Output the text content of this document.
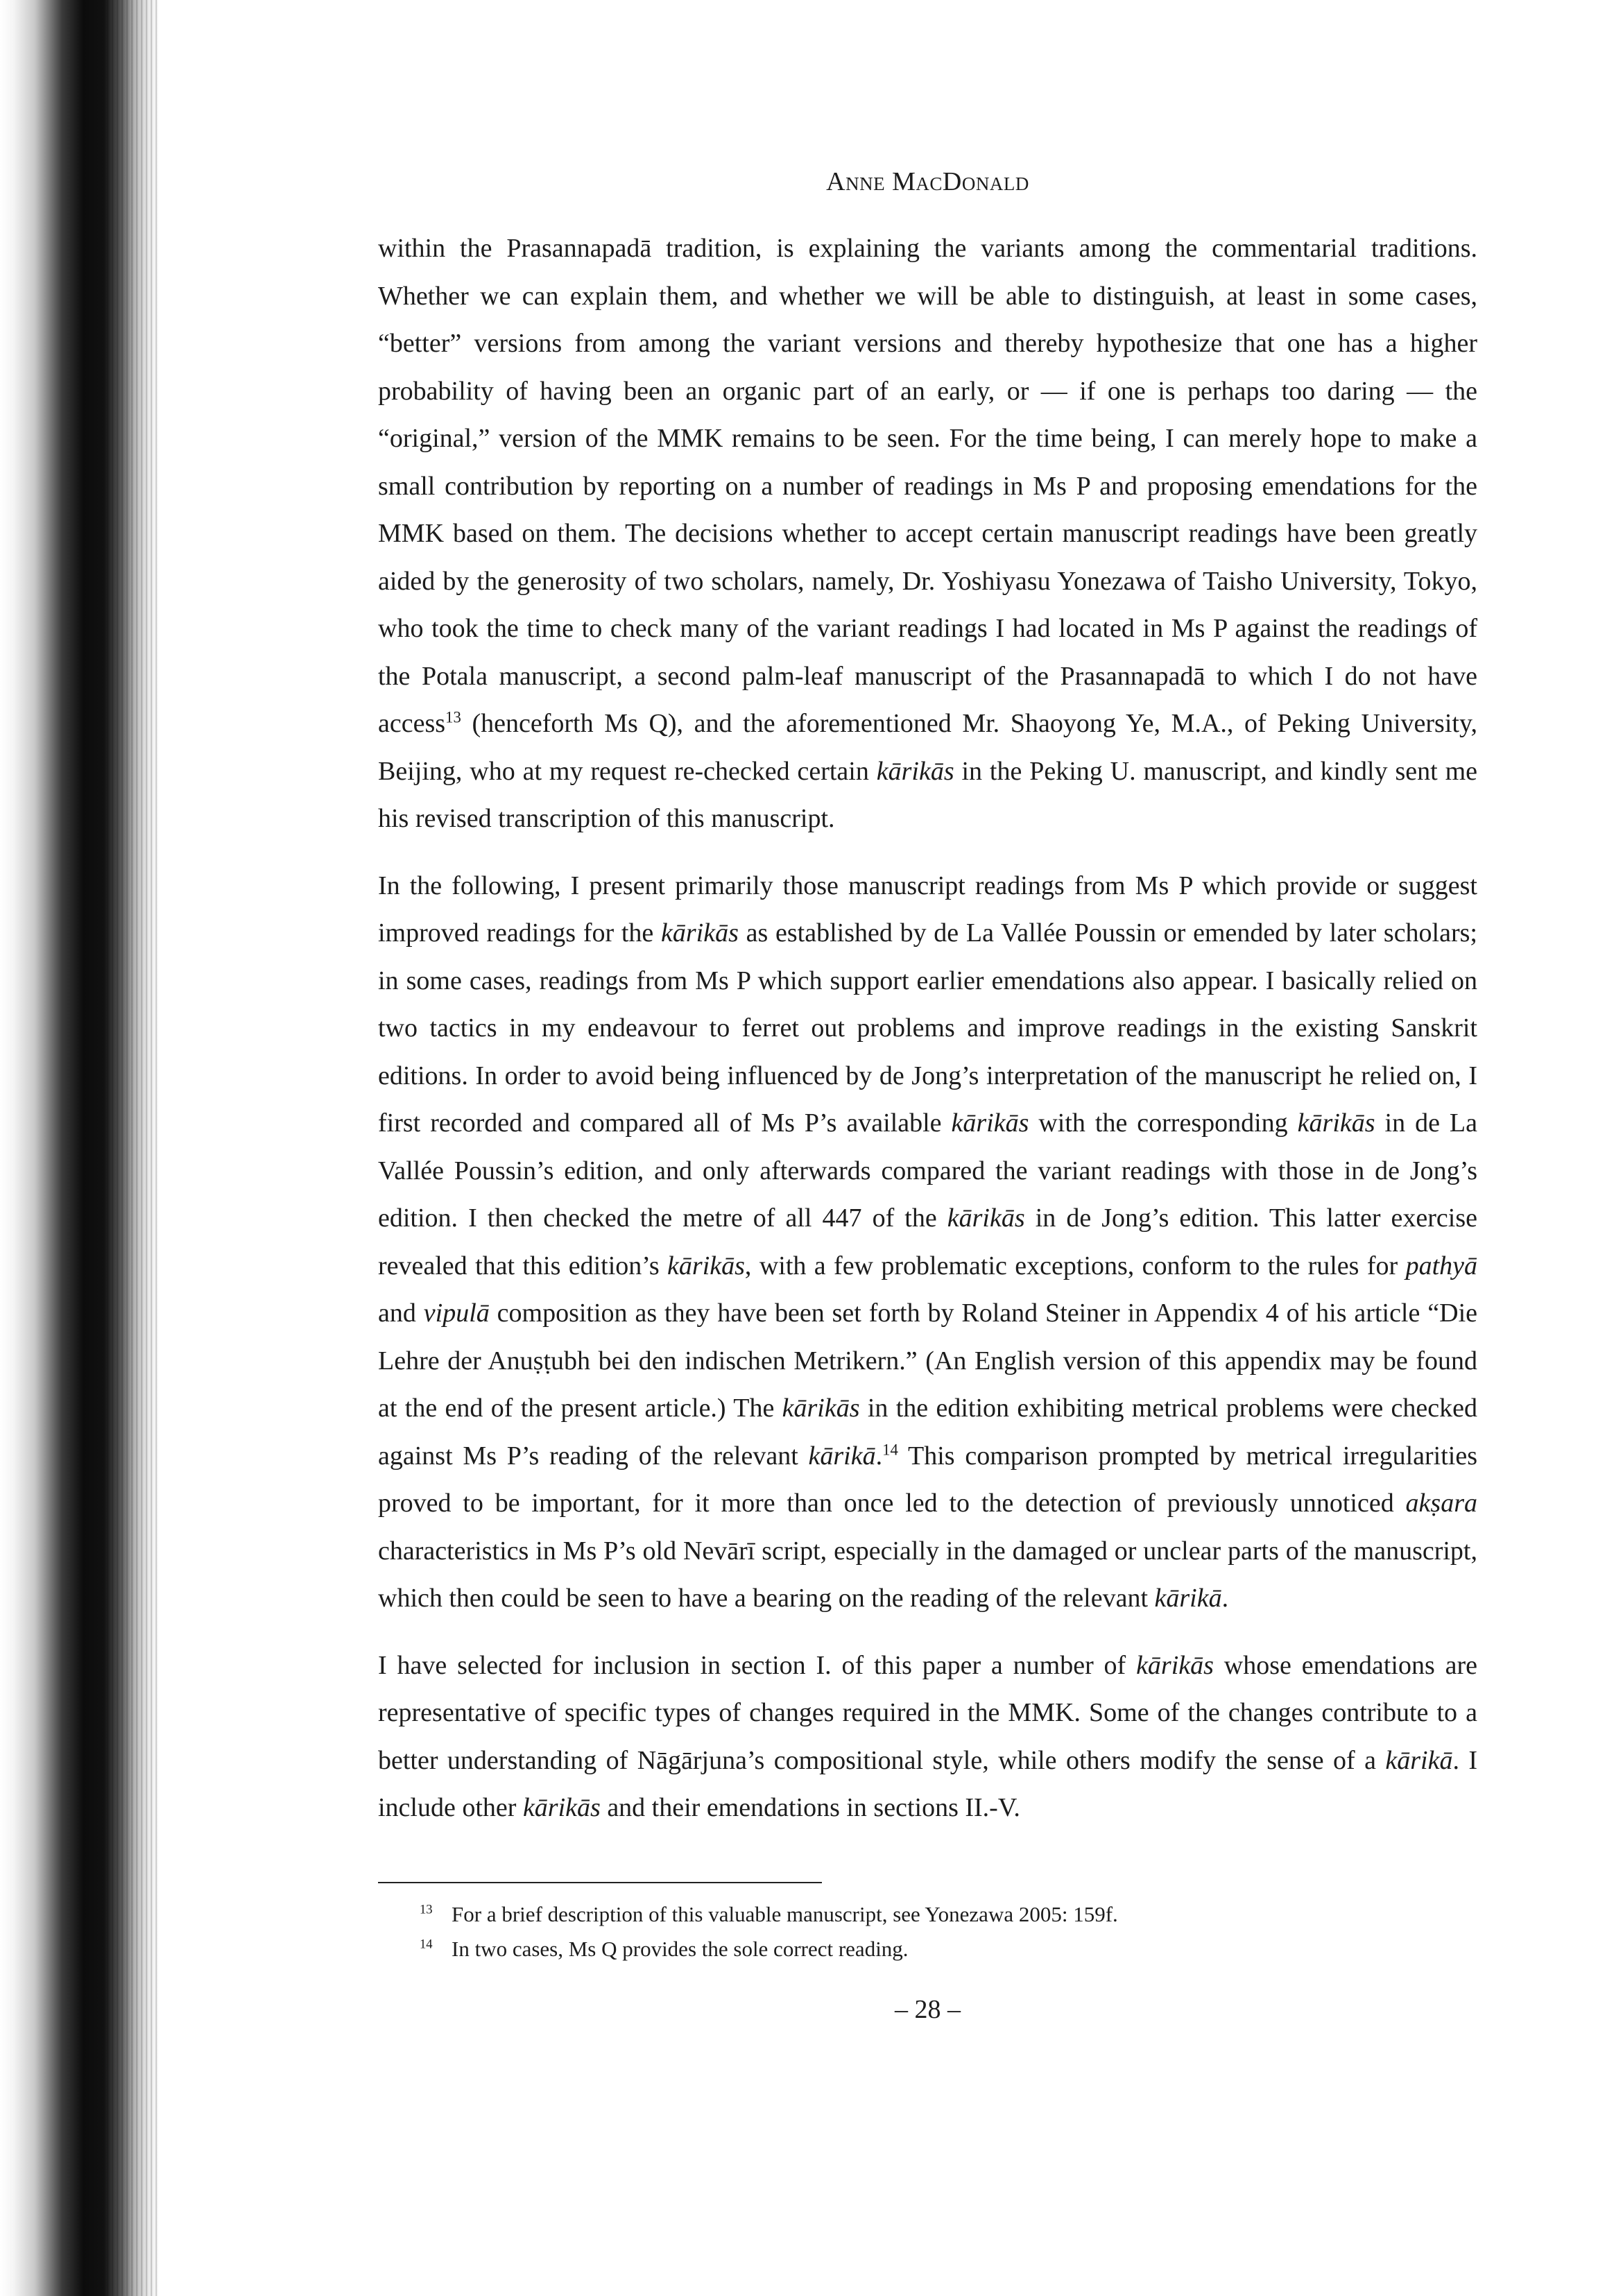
Anne MacDonald

within the Prasannapadā tradition, is explaining the variants among the commentarial traditions. Whether we can explain them, and whether we will be able to distinguish, at least in some cases, “better” versions from among the variant versions and thereby hypothesize that one has a higher probability of having been an organic part of an early, or — if one is perhaps too daring — the “original,” version of the MMK remains to be seen. For the time being, I can merely hope to make a small contribution by reporting on a number of readings in Ms P and proposing emendations for the MMK based on them. The decisions whether to accept certain manuscript readings have been greatly aided by the generosity of two scholars, namely, Dr. Yoshiyasu Yonezawa of Taisho University, Tokyo, who took the time to check many of the variant readings I had located in Ms P against the readings of the Potala manuscript, a second palm-leaf manuscript of the Prasannapadā to which I do not have access$^{13}$ (henceforth Ms Q), and the aforementioned Mr. Shaoyong Ye, M.A., of Peking University, Beijing, who at my request re-checked certain kārikās in the Peking U. manuscript, and kindly sent me his revised transcription of this manuscript.

In the following, I present primarily those manuscript readings from Ms P which provide or suggest improved readings for the kārikās as established by de La Vallée Poussin or emended by later scholars; in some cases, readings from Ms P which support earlier emendations also appear. I basically relied on two tactics in my endeavour to ferret out problems and improve readings in the existing Sanskrit editions. In order to avoid being influenced by de Jong’s interpretation of the manuscript he relied on, I first recorded and compared all of Ms P’s available kārikās with the corresponding kārikās in de La Vallée Poussin’s edition, and only afterwards compared the variant readings with those in de Jong’s edition. I then checked the metre of all 447 of the kārikās in de Jong’s edition. This latter exercise revealed that this edition’s kārikās, with a few problematic exceptions, conform to the rules for pathyā and vipulā composition as they have been set forth by Roland Steiner in Appendix 4 of his article “Die Lehre der Anuṣṭubh bei den indischen Metrikern.” (An English version of this appendix may be found at the end of the present article.) The kārikās in the edition exhibiting metrical problems were checked against Ms P’s reading of the relevant kārikā.$^{14}$ This comparison prompted by metrical irregularities proved to be important, for it more than once led to the detection of previously unnoticed akṣara characteristics in Ms P’s old Nevārī script, especially in the damaged or unclear parts of the manuscript, which then could be seen to have a bearing on the reading of the relevant kārikā.

I have selected for inclusion in section I. of this paper a number of kārikās whose emendations are representative of specific types of changes required in the MMK. Some of the changes contribute to a better understanding of Nāgārjuna’s compositional style, while others modify the sense of a kārikā. I include other kārikās and their emendations in sections II.-V.

$^{13}$ For a brief description of this valuable manuscript, see Yonezawa 2005: 159f.
$^{14}$ In two cases, Ms Q provides the sole correct reading.
– 28 –
